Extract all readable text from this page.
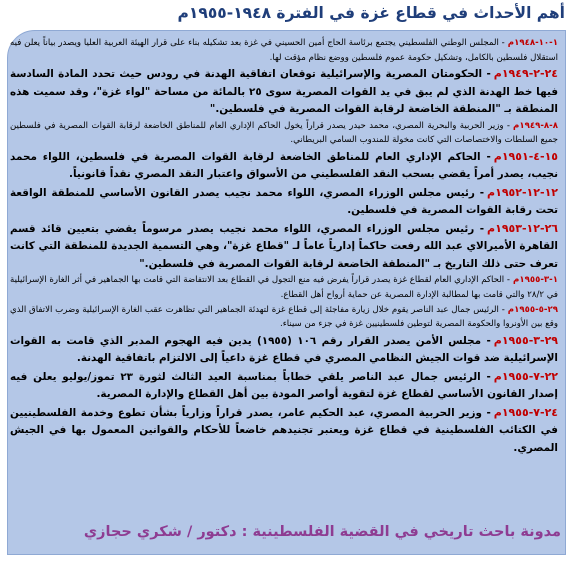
أهم الأحداث في قطاع غزة في الفترة ١٩٤٨-١٩٥٥م

١-١٠-١٩٤٨م- المجلس الوطني الفلسطيني يجتمع برئاسة الحاج أمين الحسيني في غزة بعد تشكيله بناء على قرار الهيئة العربية العليا ويصدر بياناً يعلن فيه استقلال فلسطين بالكامل، وتشكيل حكومة عموم فلسطين ووضع نظام مؤقت لها.

٢٤-٢-١٩٤٩م- الحكومتان المصرية والإسرائيلية توقعان اتفاقية الهدنة في رودس حيث تحدد المادة السادسة فيها خط الهدنة الذي لم يبق في يد القوات المصرية سوى ٢٥ بالمائة من مساحة "لواء غزة"، وقد سميت هذه المنطقة بـ "المنطقة الخاضعة لرقابة القوات المصرية في فلسطين."

٨-٨-١٩٤٩م- وزير الحربية والبحرية المصري، محمد حيدر يصدر قراراً يخول الحاكم الإداري العام للمناطق الخاضعة لرقابة القوات المصرية في فلسطين جميع السلطات والاختصاصات التي كانت مخولة للمندوب السامي البريطاني.

١٥-٤-١٩٥١م- الحاكم الإداري العام للمناطق الخاضعة لرقابة القوات المصرية في فلسطين، اللواء محمد نجيب، يصدر أمراً يقضي بسحب النقد الفلسطيني من الأسواق واعتبار النقد المصري نقداً قانونياً.

١٢-١٢-١٩٥٢م- رئيس مجلس الوزراء المصري، اللواء محمد نجيب يصدر القانون الأساسي للمنطقة الواقعة تحت رقابة القوات المصرية في فلسطين.

٢٦-١٢-١٩٥٣م- رئيس مجلس الوزراء المصري، اللواء محمد نجيب يصدر مرسوماً يقضي بتعيين قائد قسم القاهرة الأميرالاي عبد الله رفعت حاكماً إدارياً عاماً لـ "قطاع غزة"، وهي التسمية الجديدة للمنطقة التي كانت تعرف حتى ذلك التاريخ بـ "المنطقة الخاضعة لرقابة القوات المصرية في فلسطين."

١-٣-١٩٥٥م- الحاكم الإداري العام لقطاع غزة يصدر قراراً يفرض فيه منع التجول في القطاع بعد الانتفاضة التي قامت بها الجماهير في أثر الغارة الإسرائيلية في ٢٨/٢ والتي قامت بها لمطالبة الإدارة المصرية عن حماية أرواح أهل القطاع.

٢٩-٥-١٩٥٥م- الرئيس جمال عبد الناصر يقوم خلال زيارة مفاجئة إلى قطاع غزة لتهدئة الجماهير التي تظاهرت عقب الغارة الإسرائيلية وضرب الاتفاق الذي وقع بين الأونروا والحكومة المصرية لتوطين فلسطينيين غزة في جزء من سيناء.

٢٩-٣-١٩٥٥م- مجلس الأمن يصدر القرار رقم ١٠٦ (١٩٥٥) يدين فيه الهجوم المدبر الذي قامت به القوات الإسرائيلية ضد قوات الجيش النظامي المصري في قطاع غزة داعياً إلى الالتزام باتفاقية الهدنة.

٢٢-٧-١٩٥٥م- الرئيس جمال عبد الناصر يلقي خطاباً بمناسبة العيد الثالث لثورة ٢٣ تموز/يوليو يعلن فيه إصدار القانون الأساسي لقطاع غزة لتقوية أواصر المودة بين أهل القطاع والإدارة المصرية.

٢٤-٧-١٩٥٥م- وزير الحربية المصري، عبد الحكيم عامر، يصدر قراراً وزارياً بشأن تطوع وخدمة الفلسطينيين في الكتائب الفلسطينية في قطاع غزة ويعتبر تجنيدهم خاضعاً للأحكام والقوانين المعمول بها في الجيش المصري.

مدونة باحث تاريخي في القضية الفلسطينية : دكتور / شكري حجازي
